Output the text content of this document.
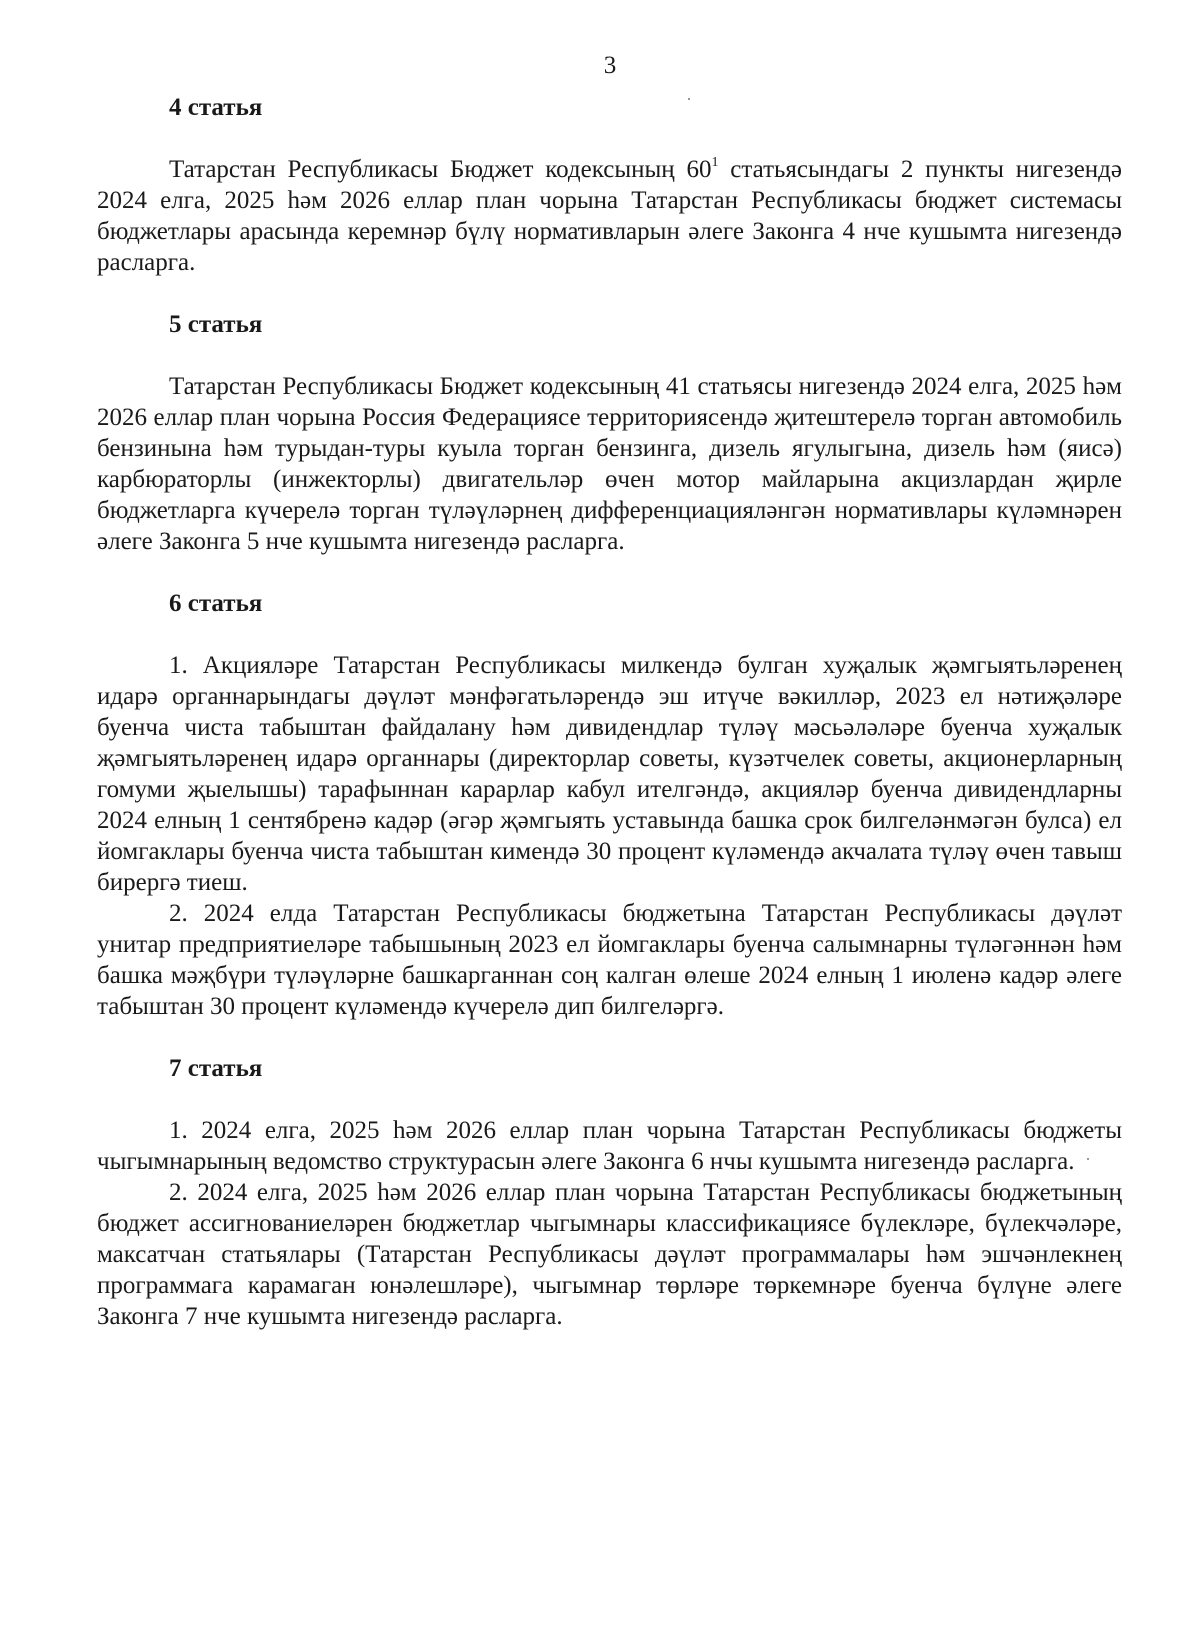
3
4 статья

Татарстан Республикасы Бюджет кодексының $60^1$ статьясындагы 2 пункты нигезендә 2024 елга, 2025 һәм 2026 еллар план чорына Татарстан Республикасы бюджет системасы бюджетлары арасында керемнәр бүлү нормативларын әлеге Законга 4 нче кушымта нигезендә расларга.

5 статья

Татарстан Республикасы Бюджет кодексының 41 статьясы нигезендә 2024 елга, 2025 һәм 2026 еллар план чорына Россия Федерациясе территориясендә җитештерелә торган автомобиль бензинына һәм турыдан-туры куыла торган бензинга, дизель ягулыгына, дизель һәм (яисә) карбюраторлы (инжекторлы) двигательләр өчен мотор майларына акцизлардан җирле бюджетларга күчерелә торган түләүләрнең дифференциацияләнгән нормативлары күләмнәрен әлеге Законга 5 нче кушымта нигезендә расларга.

6 статья

1. Акцияләре Татарстан Республикасы милкендә булган хуҗалык җәмгыятьләренең идарә органнарындагы дәүләт мәнфәгатьләрендә эш итүче вәкилләр, 2023 ел нәтиҗәләре буенча чиста табыштан файдалану һәм дивидендлар түләү мәсьәләләре буенча хуҗалык җәмгыятьләренең идарә органнары (директорлар советы, күзәтчелек советы, акционерларның гомуми җыелышы) тарафыннан карарлар кабул ителгәндә, акцияләр буенча дивидендларны 2024 елның 1 сентябренә кадәр (әгәр җәмгыять уставында башка срок билгеләнмәгән булса) ел йомгаклары буенча чиста табыштан кимендә 30 процент күләмендә акчалата түләү өчен тавыш бирергә тиеш.

2. 2024 елда Татарстан Республикасы бюджетына Татарстан Республикасы дәүләт унитар предприятиеләре табышының 2023 ел йомгаклары буенча салымнарны түләгәннән һәм башка мәҗбүри түләүләрне башкарганнан соң калган өлеше 2024 елның 1 июленә кадәр әлеге табыштан 30 процент күләмендә күчерелә дип билгеләргә.

7 статья

1. 2024 елга, 2025 һәм 2026 еллар план чорына Татарстан Республикасы бюджеты чыгымнарының ведомство структурасын әлеге Законга 6 нчы кушымта нигезендә расларга.

2. 2024 елга, 2025 һәм 2026 еллар план чорына Татарстан Республикасы бюджетының бюджет ассигнованиеләрен бюджетлар чыгымнары классификациясе бүлекләре, бүлекчәләре, максатчан статьялары (Татарстан Республикасы дәүләт программалары һәм эшчәнлекнең программага карамаган юнәлешләре), чыгымнар төрләре төркемнәре буенча бүлүне әлеге Законга 7 нче кушымта нигезендә расларга.
